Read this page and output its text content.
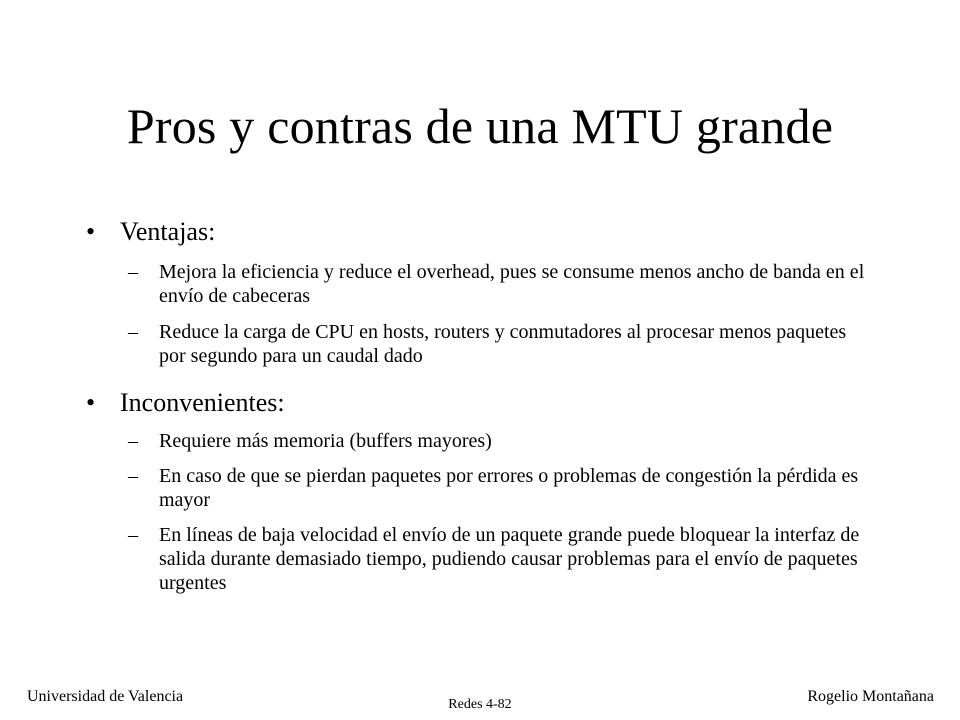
Pros y contras de una MTU grande
• Ventajas:
– Mejora la eficiencia y reduce el overhead, pues se consume menos ancho de banda en el envío de cabeceras
– Reduce la carga de CPU en hosts, routers y conmutadores al procesar menos paquetes por segundo para un caudal dado
• Inconvenientes:
– Requiere más memoria (buffers mayores)
– En caso de que se pierdan paquetes por errores o problemas de congestión la pérdida es mayor
– En líneas de baja velocidad el envío de un paquete grande puede bloquear la interfaz de salida durante demasiado tiempo, pudiendo causar problemas para el envío de paquetes urgentes
Universidad de Valencia	Redes 4-82	Rogelio Montañana
